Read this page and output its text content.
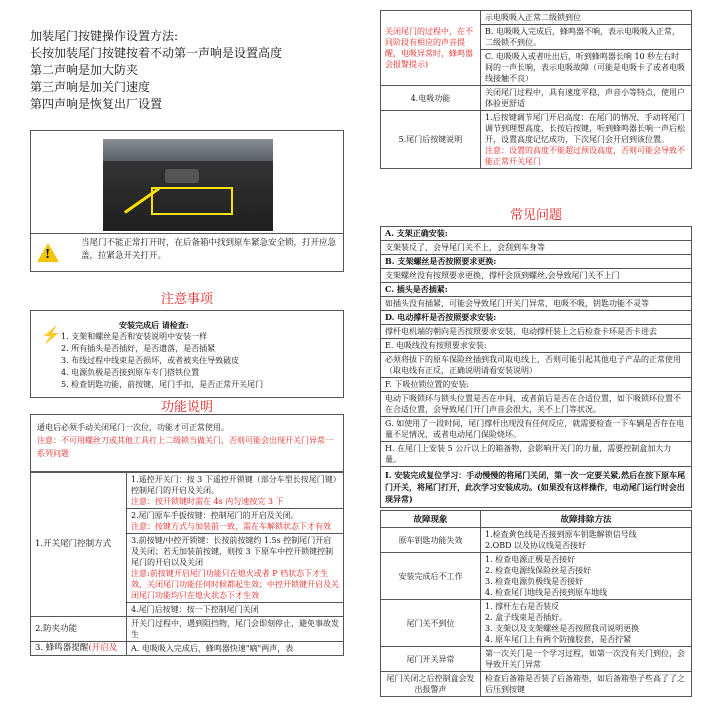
加装尾门按键操作设置方法:
长按加装尾门按键按着不动第一声响是设置高度
第二声响是加大防夹
第三声响是加关门速度
第四声响是恢复出厂设置
!
当尾门不能正常打开时，在后备箱中找到原车紧急安全锁，打开应急盖，拉紧急开关打开。
注意事项
⚡	安装完成后 请检查:
1. 支架和螺丝是否和安装说明中安装一样
2. 所有插头是否插好，是否遗落，是否插紧
3. 布线过程中线束是否损坏，或者被夹住导致破皮
4. 电源负极是否接到原车专门搭铁位置
5. 检查钥匙功能，前按键，尾门手扣，是否正常开关尾门
功能说明
通电后必须手动关闭尾门一次位，功能才可正常使用。
注意：不可用螺丝刀或其他工具打上二级锁当做关门，否则可能会出现开关门异常一系列问题
1.开关尾门控制方式	1.遥控开关门：按 3 下遥控开锁键（部分车型长按尾门键）控制尾门的开启及关闭。
注意：按开锁键时需在 4s 内匀速按完 3 下

	2.尾门原车手扳按键：控制尾门的开启及关闭。
注意：按键方式与加装前一致，需在车解锁状态下才有效

	3.前按键/中控开锁键：长按前按键约 1.5s 控制尾门开启及关闭；若无加装前按键，则按 3 下原车中控开锁键控制尾门的开启以及关闭
注意:前按键开启尾门功能只在熄火或者 P 档状态下才生效，关闭尾门功能任何时候都起生效；中控开锁键开启及关闭尾门功能均只在熄火状态下才生效

	4.尾门后按键：按一下控制尾门关闭
2.防夹功能	开关门过程中，遇到阻挡物，尾门会即刻停止，避免事故发生
3. 蜂鸣器提醒(开启及	A. 电吸吸入完成后，蜂鸣器快速"嘀"两声，表
关闭尾门的过程中，在不同阶段有相应的声音提醒，电吸异常时，蜂鸣器会报警提示)	示电吸吸入正常二级锁到位
	B. 电吸吸入完成后，蜂鸣器不响，表示电吸吸入正常，二级锁不到位。
	C. 电吸吸入或者吐出后，听到蜂鸣器长响 10 秒左右时间的一声长响，表示电吸故障（可能是电吸卡了或者电吸线接触不良）
4.电吸功能	关闭尾门过程中，具有速度平稳，声音小等特点，使用户体验更舒适
5.尾门后按键说明	1.后按键调节尾门开启高度：在尾门的情况，手动将尾门调节到理想高度，长按后按键，听到蜂鸣器长响一声后松开，设置高度记忆成功，下次尾门会开启到该位置。
注意：设置的高度不能超过预设高度，否则可能会导致不能正常开关尾门
常见问题
A. 支架正确安装:
支架装反了，会导尾门关不上，会刮到车身等
B. 支架螺丝是否按照要求更换:
支架螺丝没有按照要求更换，撑杆会顶到螺丝,会导致尾门关不上门
C. 插头是否插紧:
如插头没有插紧，可能会导致尾门开关门异常，电吸不吸，钥匙功能不灵等
D. 电动撑杆是否按照要求安装:
撑杆电机端的朝向是否按照要求安装，电动撑杆装上之后检查卡环是否卡进去
E. 电吸线没有按照要求安装:
必须将拔下的原车保险丝插到我司取电线上，否则可能引起其他电子产品的正常使用（取电线有正反，正确说明请看安装说明）
F. 下吸拉锁位置的安装:
电动下吸锁环与锁头位置是否在中间，或者前后是否在合适位置，如下吸锁环位置不在合适位置，会导致尾门开门声音会很大，关不上门等状况。
G. 如使用了一段时间，尾门撑杆出现没有任何反应，就需要检查一下车辆是否存在电量不足情况，或者电动尾门保险烧坏。
H. 在尾门上安装 5 公斤以上的箱备物，会影响开关门的力量，需要控制盒加大力量。
I. 安装完成复位学习：手动慢慢的将尾门关闭，第一次一定要关紧,然后在按下原车尾门开关，将尾门打开，此次学习安装成功。(如果没有这样操作，电动尾门运行时会出现异常)
故障现象	故障排除方法
原车钥匙功能失效	1.检查黄色线是否接到原车钥匙解锁信号线
2.OBD 以及协议线是否接好

安装完成后不工作	1. 检查电源正极是否接好
2. 检查电源线保险丝是否接好
3. 检查电源负极线是否接好
4. 检查尾门地线是否接到原车地线

尾门关不到位	1. 撑杆左右是否装反
2. 盒子线束是否插好。
3. 支架以及支架螺丝是否按照我司说明更换
4. 原车尾门上有两个防撞胶套，是否拧紧

尾门开关异常	第一次关门是一个学习过程，如第一次没有关门到位，会导致开关门异常
尾门关闭之后控制盒会发出报警声	检查后备箱是否装了后备箱垫，如后备箱垫子些高了了之后压到按键
